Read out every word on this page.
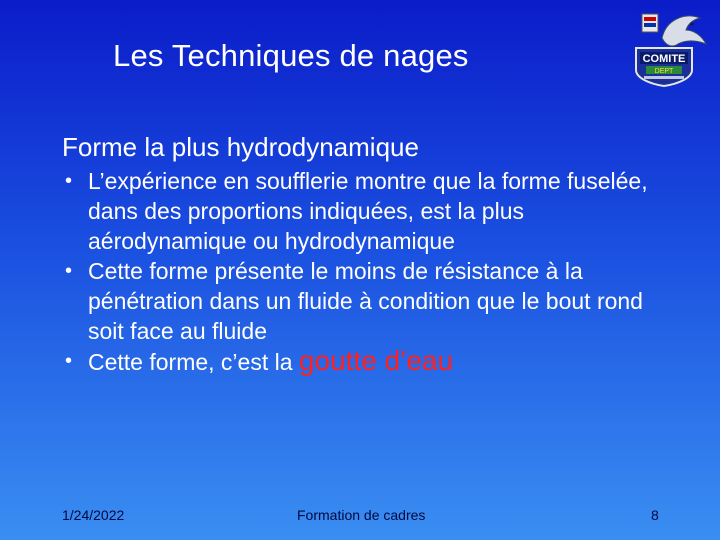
Les Techniques de nages	COMITE
DEPT
Forme la plus hydrodynamique
• L’expérience en soufflerie montre que la forme fuselée, dans des proportions indiquées, est la plus aérodynamique ou hydrodynamique
• Cette forme présente le moins de résistance à la pénétration dans un fluide à condition que le bout rond soit face au fluide
• Cette forme, c’est la goutte d’eau
1/24/2022	Formation de cadres	8
